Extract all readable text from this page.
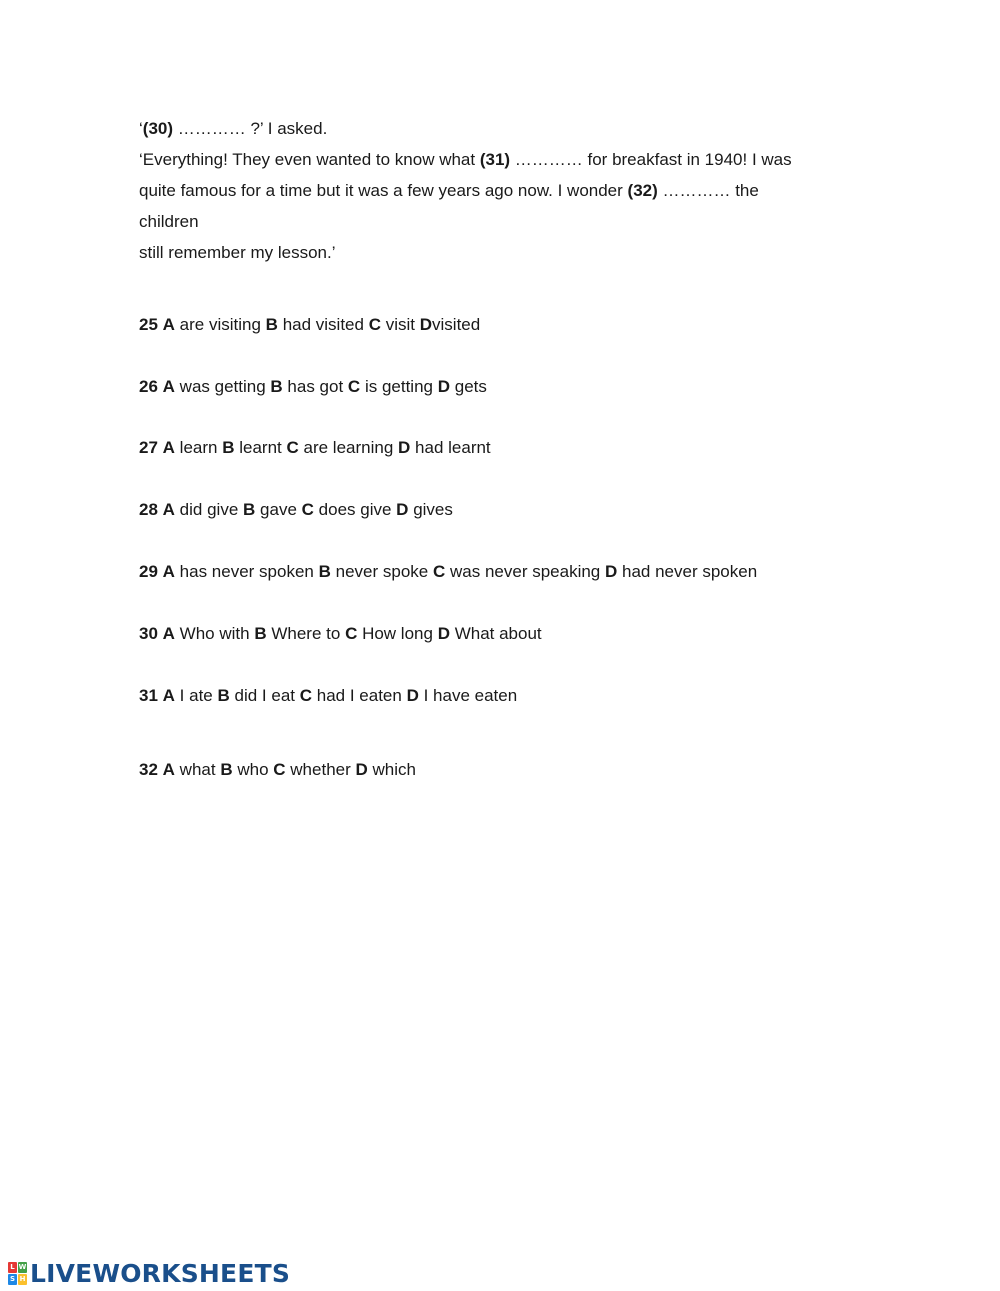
‘(30) ………… ?’ I asked.
‘Everything! They even wanted to know what (31) ………… for breakfast in 1940! I was
quite famous for a time but it was a few years ago now. I wonder (32) ………… the
children
still remember my lesson.’
25 A are visiting B had visited C visit Dvisited
26 A was getting B has got C is getting D gets
27 A learn B learnt C are learning D had learnt
28 A did give B gave C does give D gives
29 A has never spoken B never spoke C was never speaking D had never spoken
30 A Who with B Where to C How long D What about
31 A I ate B did I eat C had I eaten D I have eaten
32 A what B who C whether D which
L W
S H LIVEWORKSHEETS
